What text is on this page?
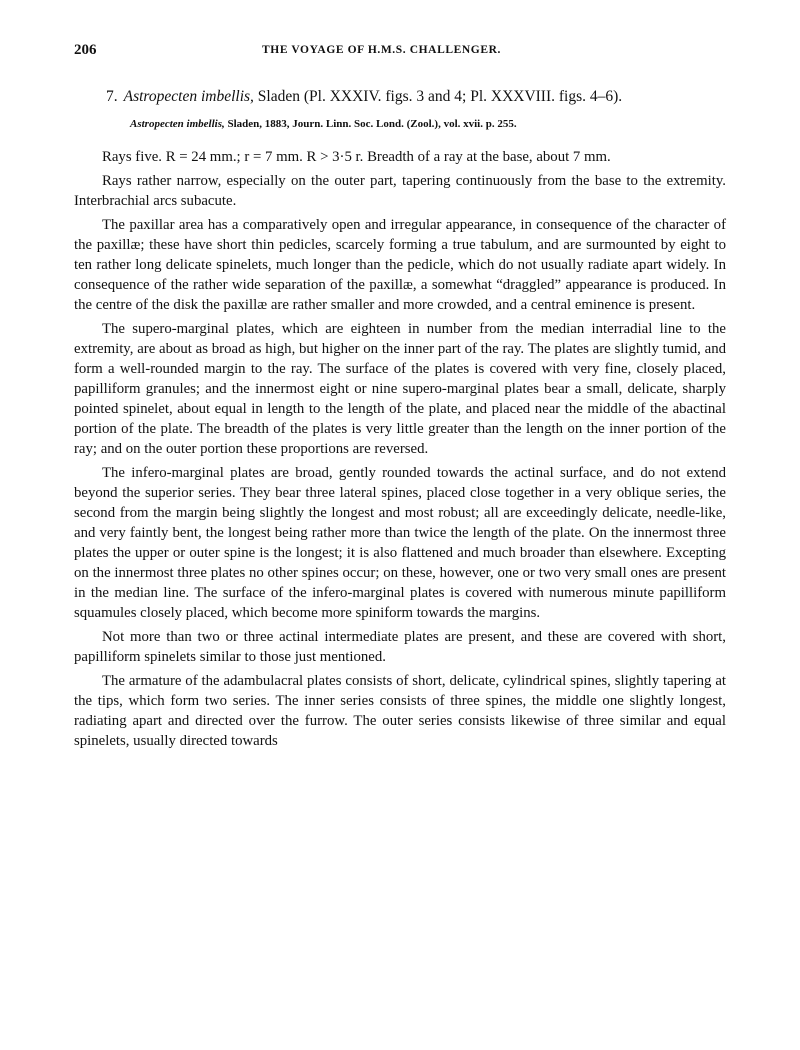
206	THE VOYAGE OF H.M.S. CHALLENGER.
7. Astropecten imbellis, Sladen (Pl. XXXIV. figs. 3 and 4; Pl. XXXVIII. figs. 4–6).
Astropecten imbellis, Sladen, 1883, Journ. Linn. Soc. Lond. (Zool.), vol. xvii. p. 255.

Rays five. R = 24 mm.; r = 7 mm. R > 3·5 r. Breadth of a ray at the base, about 7 mm.

Rays rather narrow, especially on the outer part, tapering continuously from the base to the extremity. Interbrachial arcs subacute.

The paxillar area has a comparatively open and irregular appearance, in consequence of the character of the paxillæ; these have short thin pedicles, scarcely forming a true tabulum, and are surmounted by eight to ten rather long delicate spinelets, much longer than the pedicle, which do not usually radiate apart widely. In consequence of the rather wide separation of the paxillæ, a somewhat “draggled” appearance is produced. In the centre of the disk the paxillæ are rather smaller and more crowded, and a central eminence is present.

The supero-marginal plates, which are eighteen in number from the median interradial line to the extremity, are about as broad as high, but higher on the inner part of the ray. The plates are slightly tumid, and form a well-rounded margin to the ray. The surface of the plates is covered with very fine, closely placed, papilliform granules; and the innermost eight or nine supero-marginal plates bear a small, delicate, sharply pointed spinelet, about equal in length to the length of the plate, and placed near the middle of the abactinal portion of the plate. The breadth of the plates is very little greater than the length on the inner portion of the ray; and on the outer portion these proportions are reversed.

The infero-marginal plates are broad, gently rounded towards the actinal surface, and do not extend beyond the superior series. They bear three lateral spines, placed close together in a very oblique series, the second from the margin being slightly the longest and most robust; all are exceedingly delicate, needle-like, and very faintly bent, the longest being rather more than twice the length of the plate. On the innermost three plates the upper or outer spine is the longest; it is also flattened and much broader than elsewhere. Excepting on the innermost three plates no other spines occur; on these, however, one or two very small ones are present in the median line. The surface of the infero-marginal plates is covered with numerous minute papilliform squamules closely placed, which become more spiniform towards the margins.

Not more than two or three actinal intermediate plates are present, and these are covered with short, papilliform spinelets similar to those just mentioned.

The armature of the adambulacral plates consists of short, delicate, cylindrical spines, slightly tapering at the tips, which form two series. The inner series consists of three spines, the middle one slightly longest, radiating apart and directed over the furrow. The outer series consists likewise of three similar and equal spinelets, usually directed towards
